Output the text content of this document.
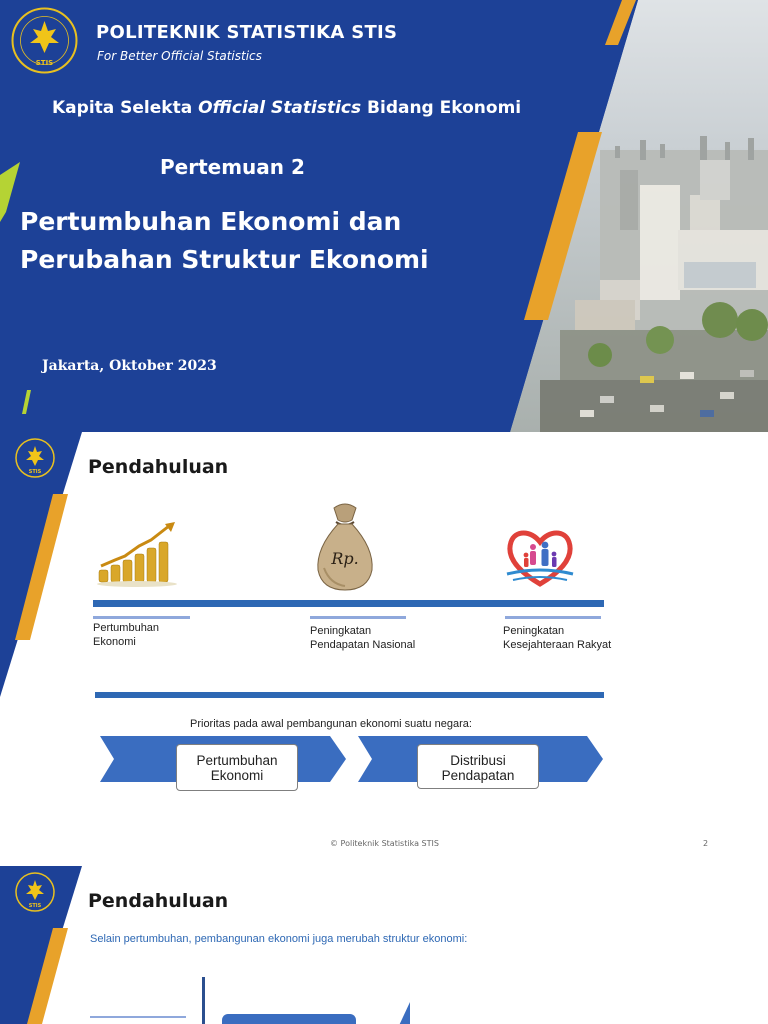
STIS
POLITEKNIK STATISTIKA STIS
For Better Official Statistics
Kapita Selekta Official Statistics Bidang Ekonomi
Pertemuan 2
Pertumbuhan Ekonomi dan
Perubahan Struktur Ekonomi
Jakarta, Oktober 2023
STIS Pendahuluan
Rp.
Pertumbuhan
Ekonomi
Peningkatan
Pendapatan Nasional
Peningkatan
Kesejahteraan Rakyat
Prioritas pada awal pembangunan ekonomi suatu negara:
Pertumbuhan
Ekonomi
Distribusi
Pendapatan
© Politeknik Statistika STIS	2
STIS Pendahuluan
Selain pertumbuhan, pembangunan ekonomi juga merubah struktur ekonomi:
